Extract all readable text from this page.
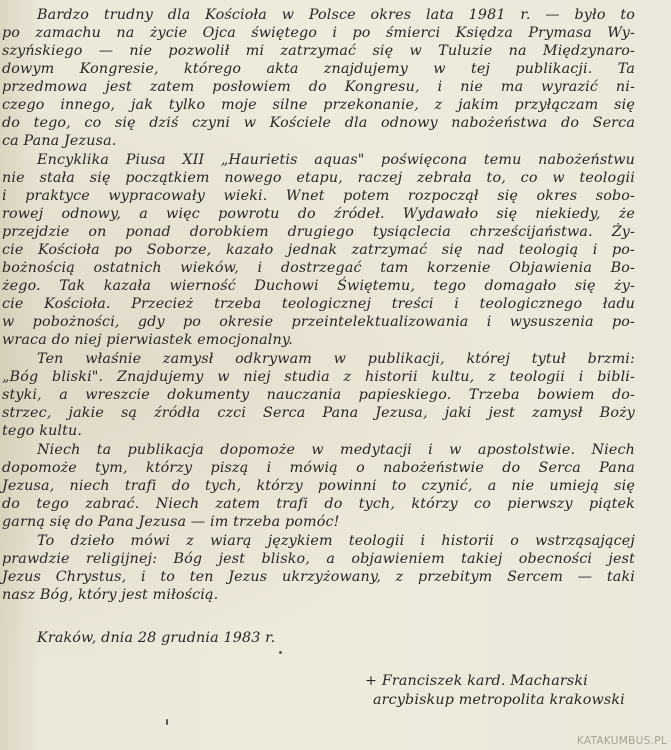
Bardzo trudny dla Kościoła w Polsce okres lata 1981 r. — było to
po zamachu na życie Ojca świętego i po śmierci Księdza Prymasa Wy-
szyńskiego — nie pozwolił mi zatrzymać się w Tuluzie na Międzynaro-
dowym Kongresie, którego akta znajdujemy w tej publikacji. Ta
przedmowa jest zatem posłowiem do Kongresu, i nie ma wyrazić ni-
czego innego, jak tylko moje silne przekonanie, z jakim przyłączam się
do tego, co się dziś czyni w Kościele dla odnowy nabożeństwa do Serca
ca Pana Jezusa.
Encyklika Piusa XII „Haurietis aquas" poświęcona temu nabożeństwu
nie stała się początkiem nowego etapu, raczej zebrała to, co w teologii
i praktyce wypracowały wieki. Wnet potem rozpoczął się okres sobo-
rowej odnowy, a więc powrotu do źródeł. Wydawało się niekiedy, że
przejdzie on ponad dorobkiem drugiego tysiąclecia chrześcijaństwa. Ży-
cie Kościoła po Soborze, kazało jednak zatrzymać się nad teologią i po-
bożnością ostatnich wieków, i dostrzegać tam korzenie Objawienia Bo-
żego. Tak kazała wierność Duchowi Świętemu, tego domagało się ży-
cie Kościoła. Przecież trzeba teologicznej treści i teologicznego ładu
w pobożności, gdy po okresie przeintelektualizowania i wysuszenia po-
wraca do niej pierwiastek emocjonalny.
Ten właśnie zamysł odkrywam w publikacji, której tytuł brzmi:
„Bóg bliski". Znajdujemy w niej studia z historii kultu, z teologii i bibli-
styki, a wreszcie dokumenty nauczania papieskiego. Trzeba bowiem do-
strzec, jakie są źródła czci Serca Pana Jezusa, jaki jest zamysł Boży
tego kultu.
Niech ta publikacja dopomoże w medytacji i w apostolstwie. Niech
dopomoże tym, którzy piszą i mówią o nabożeństwie do Serca Pana
Jezusa, niech trafi do tych, którzy powinni to czynić, a nie umieją się
do tego zabrać. Niech zatem trafi do tych, którzy co pierwszy piątek
garną się do Pana Jezusa — im trzeba pomóc!
To dzieło mówi z wiarą językiem teologii i historii o wstrząsającej
prawdzie religijnej: Bóg jest blisko, a objawieniem takiej obecności jest
Jezus Chrystus, i to ten Jezus ukrzyżowany, z przebitym Sercem — taki
nasz Bóg, który jest miłością.
Kraków, dnia 28 grudnia 1983 r.
+ Franciszek kard. Macharski
arcybiskup metropolita krakowski
KATAKUMBUS.PL
